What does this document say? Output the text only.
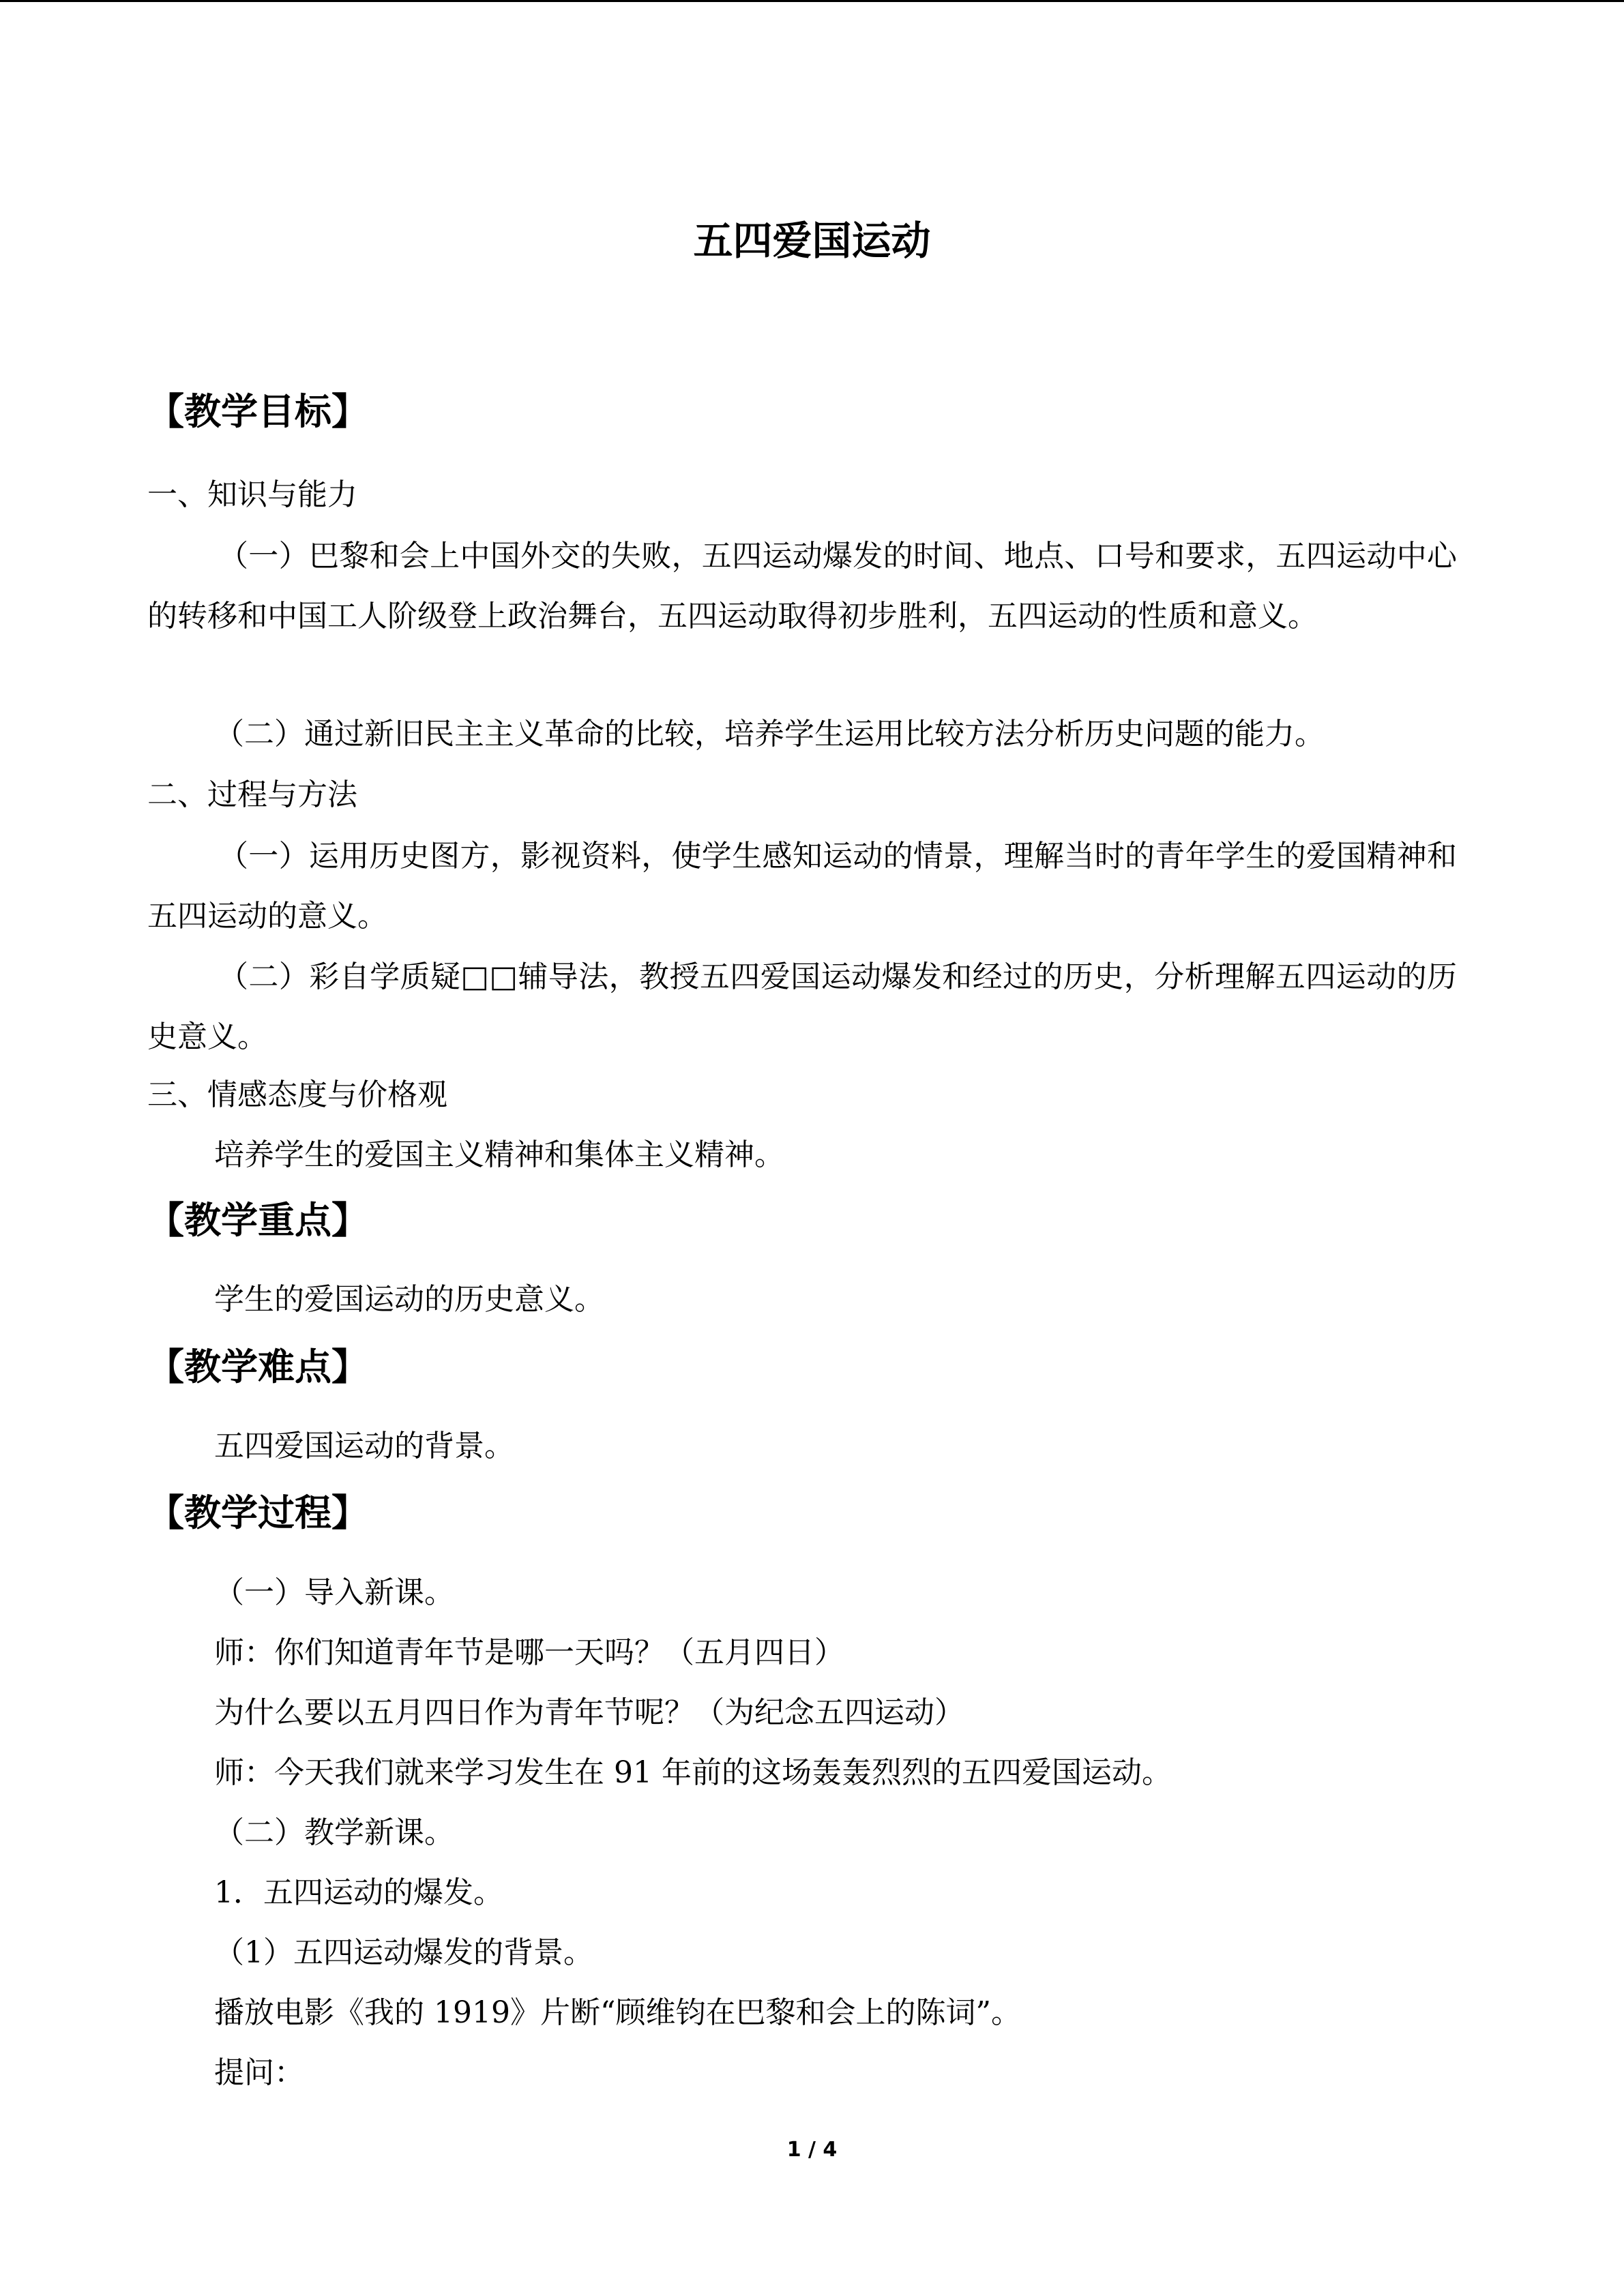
五四爱国运动
【教学目标】

一、知识与能力

（一）巴黎和会上中国外交的失败，五四运动爆发的时间、地点、口号和要求，五四运动中心的转移和中国工人阶级登上政治舞台，五四运动取得初步胜利，五四运动的性质和意义。

（二）通过新旧民主主义革命的比较，培养学生运用比较方法分析历史问题的能力。

二、过程与方法

（一）运用历史图方，影视资料，使学生感知运动的情景，理解当时的青年学生的爱国精神和五四运动的意义。

（二）彩自学质疑□□辅导法，教授五四爱国运动爆发和经过的历史，分析理解五四运动的历史意义。

三、情感态度与价格观

培养学生的爱国主义精神和集体主义精神。

【教学重点】

学生的爱国运动的历史意义。

【教学难点】

五四爱国运动的背景。

【教学过程】

（一）导入新课。

师：你们知道青年节是哪一天吗？（五月四日）

为什么要以五月四日作为青年节呢？（为纪念五四运动）

师：今天我们就来学习发生在 91 年前的这场轰轰烈烈的五四爱国运动。

（二）教学新课。

1．五四运动的爆发。

（1）五四运动爆发的背景。

播放电影《我的 1919》片断“顾维钧在巴黎和会上的陈词”。

提问：

1 / 4
